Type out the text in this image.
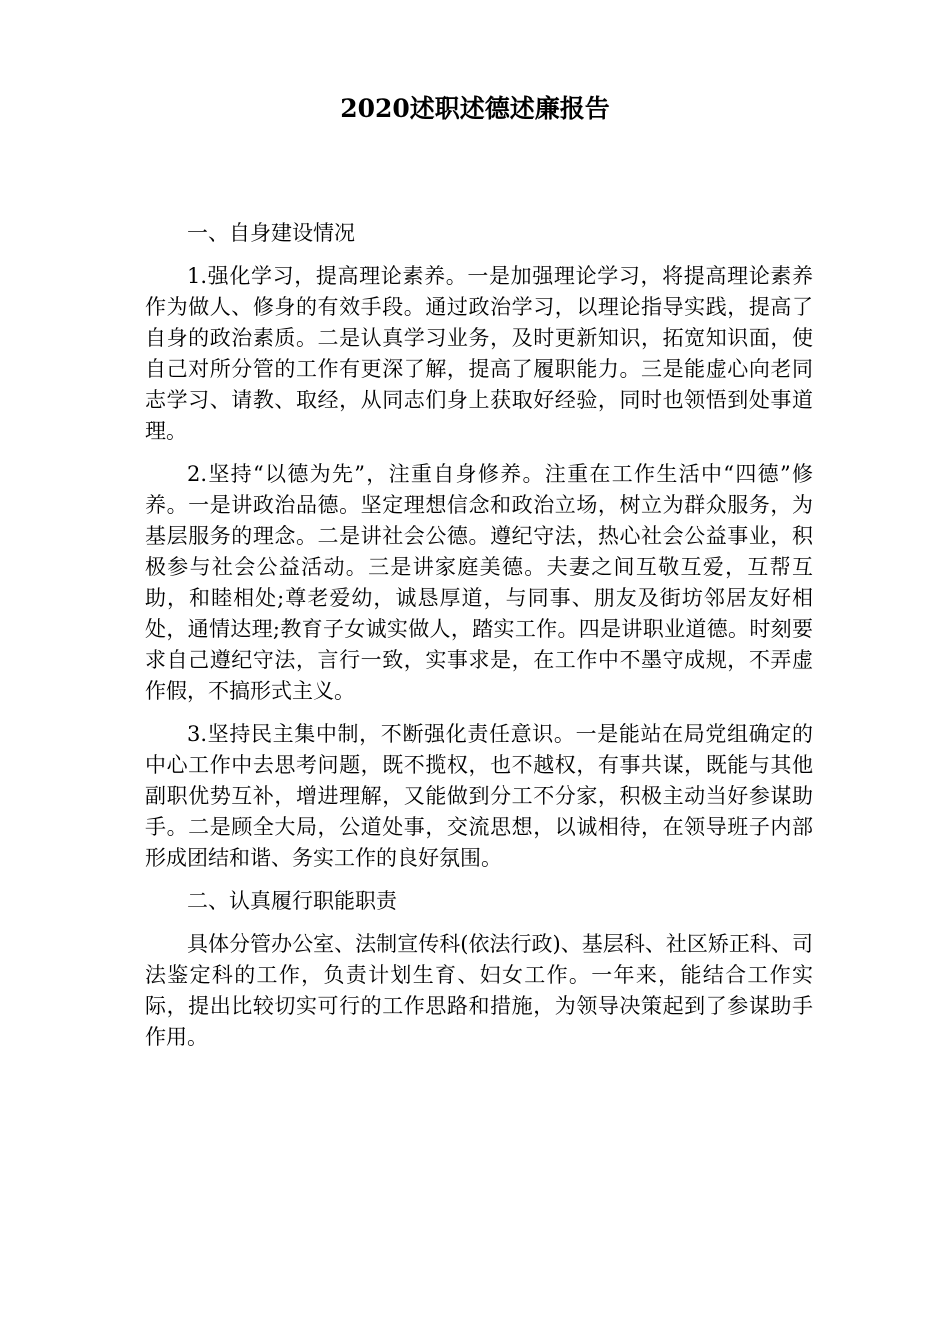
2020述职述德述廉报告

一、自身建设情况

1.强化学习，提高理论素养。一是加强理论学习，将提高理论素养作为做人、修身的有效手段。通过政治学习，以理论指导实践，提高了自身的政治素质。二是认真学习业务，及时更新知识，拓宽知识面，使自己对所分管的工作有更深了解，提高了履职能力。三是能虚心向老同志学习、请教、取经，从同志们身上获取好经验，同时也领悟到处事道理。

2.坚持“以德为先”，注重自身修养。注重在工作生活中“四德”修养。一是讲政治品德。坚定理想信念和政治立场，树立为群众服务，为基层服务的理念。二是讲社会公德。遵纪守法，热心社会公益事业，积极参与社会公益活动。三是讲家庭美德。夫妻之间互敬互爱，互帮互助，和睦相处;尊老爱幼，诚恳厚道，与同事、朋友及街坊邻居友好相处，通情达理;教育子女诚实做人，踏实工作。四是讲职业道德。时刻要求自己遵纪守法，言行一致，实事求是，在工作中不墨守成规，不弄虚作假，不搞形式主义。

3.坚持民主集中制，不断强化责任意识。一是能站在局党组确定的中心工作中去思考问题，既不揽权，也不越权，有事共谋，既能与其他副职优势互补，增进理解，又能做到分工不分家，积极主动当好参谋助手。二是顾全大局，公道处事，交流思想，以诚相待，在领导班子内部形成团结和谐、务实工作的良好氛围。

二、认真履行职能职责

具体分管办公室、法制宣传科(依法行政)、基层科、社区矫正科、司法鉴定科的工作，负责计划生育、妇女工作。一年来，能结合工作实际，提出比较切实可行的工作思路和措施，为领导决策起到了参谋助手作用。
